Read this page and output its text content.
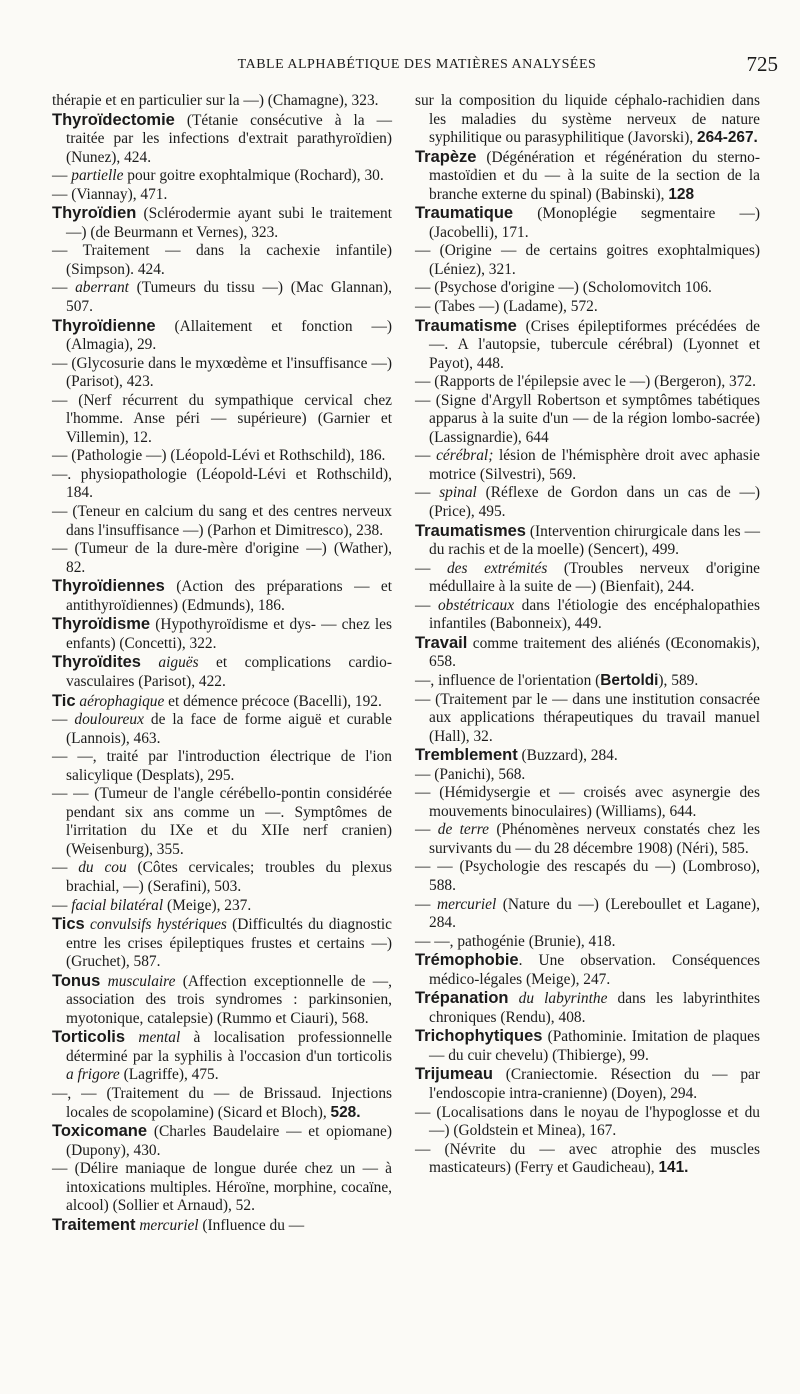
TABLE ALPHABÉTIQUE DES MATIÈRES ANALYSÉES	725

thérapie et en particulier sur la —) (Chamagne), 323.

Thyroïdectomie (Tétanie consécutive à la — traitée par les infections d'extrait parathyroïdien) (Nunez), 424.

— partielle pour goitre exophtalmique (Rochard), 30.

— (Viannay), 471.

Thyroïdien (Sclérodermie ayant subi le traitement —) (de Beurmann et Vernes), 323.

— Traitement — dans la cachexie infantile) (Simpson). 424.

— aberrant (Tumeurs du tissu —) (Mac Glannan), 507.

Thyroïdienne (Allaitement et fonction —) (Almagia), 29.

— (Glycosurie dans le myxœdème et l'insuffisance —) (Parisot), 423.

— (Nerf récurrent du sympathique cervical chez l'homme. Anse péri — supérieure) (Garnier et Villemin), 12.

— (Pathologie —) (Léopold-Lévi et Rothschild), 186.

—. physiopathologie (Léopold-Lévi et Rothschild), 184.

— (Teneur en calcium du sang et des centres nerveux dans l'insuffisance —) (Parhon et Dimitresco), 238.

— (Tumeur de la dure-mère d'origine —) (Wather), 82.

Thyroïdiennes (Action des préparations — et antithyroïdiennes) (Edmunds), 186.

Thyroïdisme (Hypothyroïdisme et dys- — chez les enfants) (Concetti), 322.

Thyroïdites aiguës et complications cardio-vasculaires (Parisot), 422.

Tic aérophagique et démence précoce (Bacelli), 192.

— douloureux de la face de forme aiguë et curable (Lannois), 463.

— —, traité par l'introduction électrique de l'ion salicylique (Desplats), 295.

— — (Tumeur de l'angle cérébello-pontin considérée pendant six ans comme un —. Symptômes de l'irritation du IXe et du XIIe nerf cranien) (Weisenburg), 355.

— du cou (Côtes cervicales; troubles du plexus brachial, —) (Serafini), 503.

— facial bilatéral (Meige), 237.

Tics convulsifs hystériques (Difficultés du diagnostic entre les crises épileptiques frustes et certains —) (Gruchet), 587.

Tonus musculaire (Affection exceptionnelle de —, association des trois syndromes : parkinsonien, myotonique, catalepsie) (Rummo et Ciauri), 568.

Torticolis mental à localisation professionnelle déterminé par la syphilis à l'occasion d'un torticolis a frigore (Lagriffe), 475.

—, — (Traitement du — de Brissaud. Injections locales de scopolamine) (Sicard et Bloch), 528.

Toxicomane (Charles Baudelaire — et opiomane) (Dupony), 430.

— (Délire maniaque de longue durée chez un — à intoxications multiples. Héroïne, morphine, cocaïne, alcool) (Sollier et Arnaud), 52.

Traitement mercuriel (Influence du —

sur la composition du liquide céphalo-rachidien dans les maladies du système nerveux de nature syphilitique ou parasyphilitique (Javorski), 264-267.

Trapèze (Dégénération et régénération du sterno-mastoïdien et du — à la suite de la section de la branche externe du spinal) (Babinski), 128

Traumatique (Monoplégie segmentaire —) (Jacobelli), 171.

— (Origine — de certains goitres exophtalmiques) (Léniez), 321.

— (Psychose d'origine —) (Scholomovitch 106.

— (Tabes —) (Ladame), 572.

Traumatisme (Crises épileptiformes précédées de —. A l'autopsie, tubercule cérébral) (Lyonnet et Payot), 448.

— (Rapports de l'épilepsie avec le —) (Bergeron), 372.

— (Signe d'Argyll Robertson et symptômes tabétiques apparus à la suite d'un — de la région lombo-sacrée) (Lassignardie), 644

— cérébral; lésion de l'hémisphère droit avec aphasie motrice (Silvestri), 569.

— spinal (Réflexe de Gordon dans un cas de —) (Price), 495.

Traumatismes (Intervention chirurgicale dans les — du rachis et de la moelle) (Sencert), 499.

— des extrémités (Troubles nerveux d'origine médullaire à la suite de —) (Bienfait), 244.

— obstétricaux dans l'étiologie des encéphalopathies infantiles (Babonneix), 449.

Travail comme traitement des aliénés (Œconomakis), 658.

—, influence de l'orientation (Bertoldi), 589.

— (Traitement par le — dans une institution consacrée aux applications thérapeutiques du travail manuel (Hall), 32.

Tremblement (Buzzard), 284.

— (Panichi), 568.

— (Hémidysergie et — croisés avec asynergie des mouvements binoculaires) (Williams), 644.

— de terre (Phénomènes nerveux constatés chez les survivants du — du 28 décembre 1908) (Néri), 585.

— — (Psychologie des rescapés du —) (Lombroso), 588.

— mercuriel (Nature du —) (Lereboullet et Lagane), 284.

— —, pathogénie (Brunie), 418.

Trémophobie. Une observation. Conséquences médico-légales (Meige), 247.

Trépanation du labyrinthe dans les labyrinthites chroniques (Rendu), 408.

Trichophytiques (Pathominie. Imitation de plaques — du cuir chevelu) (Thibierge), 99.

Trijumeau (Craniectomie. Résection du — par l'endoscopie intra-cranienne) (Doyen), 294.

— (Localisations dans le noyau de l'hypoglosse et du —) (Goldstein et Minea), 167.

— (Névrite du — avec atrophie des muscles masticateurs) (Ferry et Gaudicheau), 141.
